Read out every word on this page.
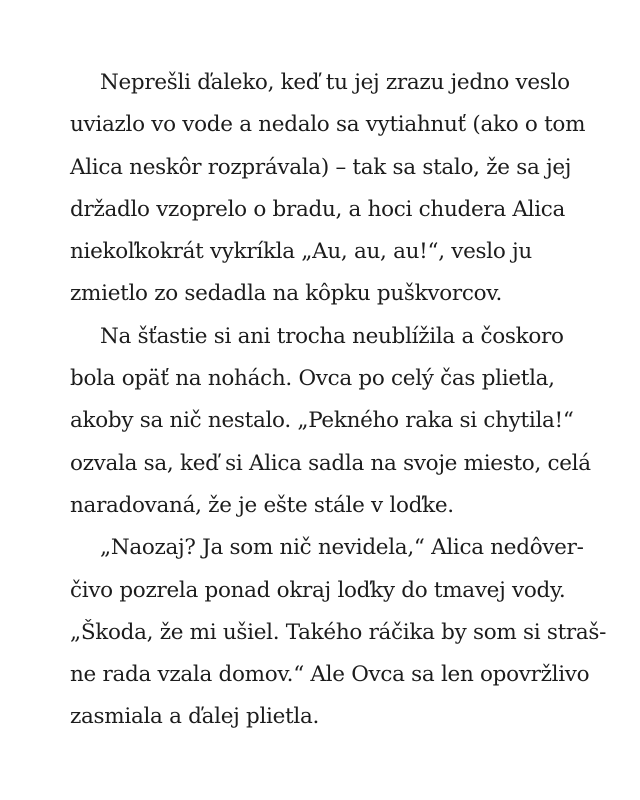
Neprešli ďaleko, keď tu jej zrazu jedno veslo
uviazlo vo vode a nedalo sa vytiahnuť (ako o tom
Alica neskôr rozprávala) – tak sa stalo, že sa jej
držadlo vzoprelo o bradu, a hoci chudera Alica
niekoľkokrát vykríkla „Au, au, au!“, veslo ju
zmietlo zo sedadla na kôpku puškvorcov.

Na šťastie si ani trocha neublížila a čoskoro
bola opäť na nohách. Ovca po celý čas plietla,
akoby sa nič nestalo. „Pekného raka si chytila!“
ozvala sa, keď si Alica sadla na svoje miesto, celá
naradovaná, že je ešte stále v loďke.

„Naozaj? Ja som nič nevidela,“ Alica nedôver-
čivo pozrela ponad okraj loďky do tmavej vody.
„Škoda, že mi ušiel. Takého ráčika by som si straš-
ne rada vzala domov.“ Ale Ovca sa len opovržlivo
zasmiala a ďalej plietla.
